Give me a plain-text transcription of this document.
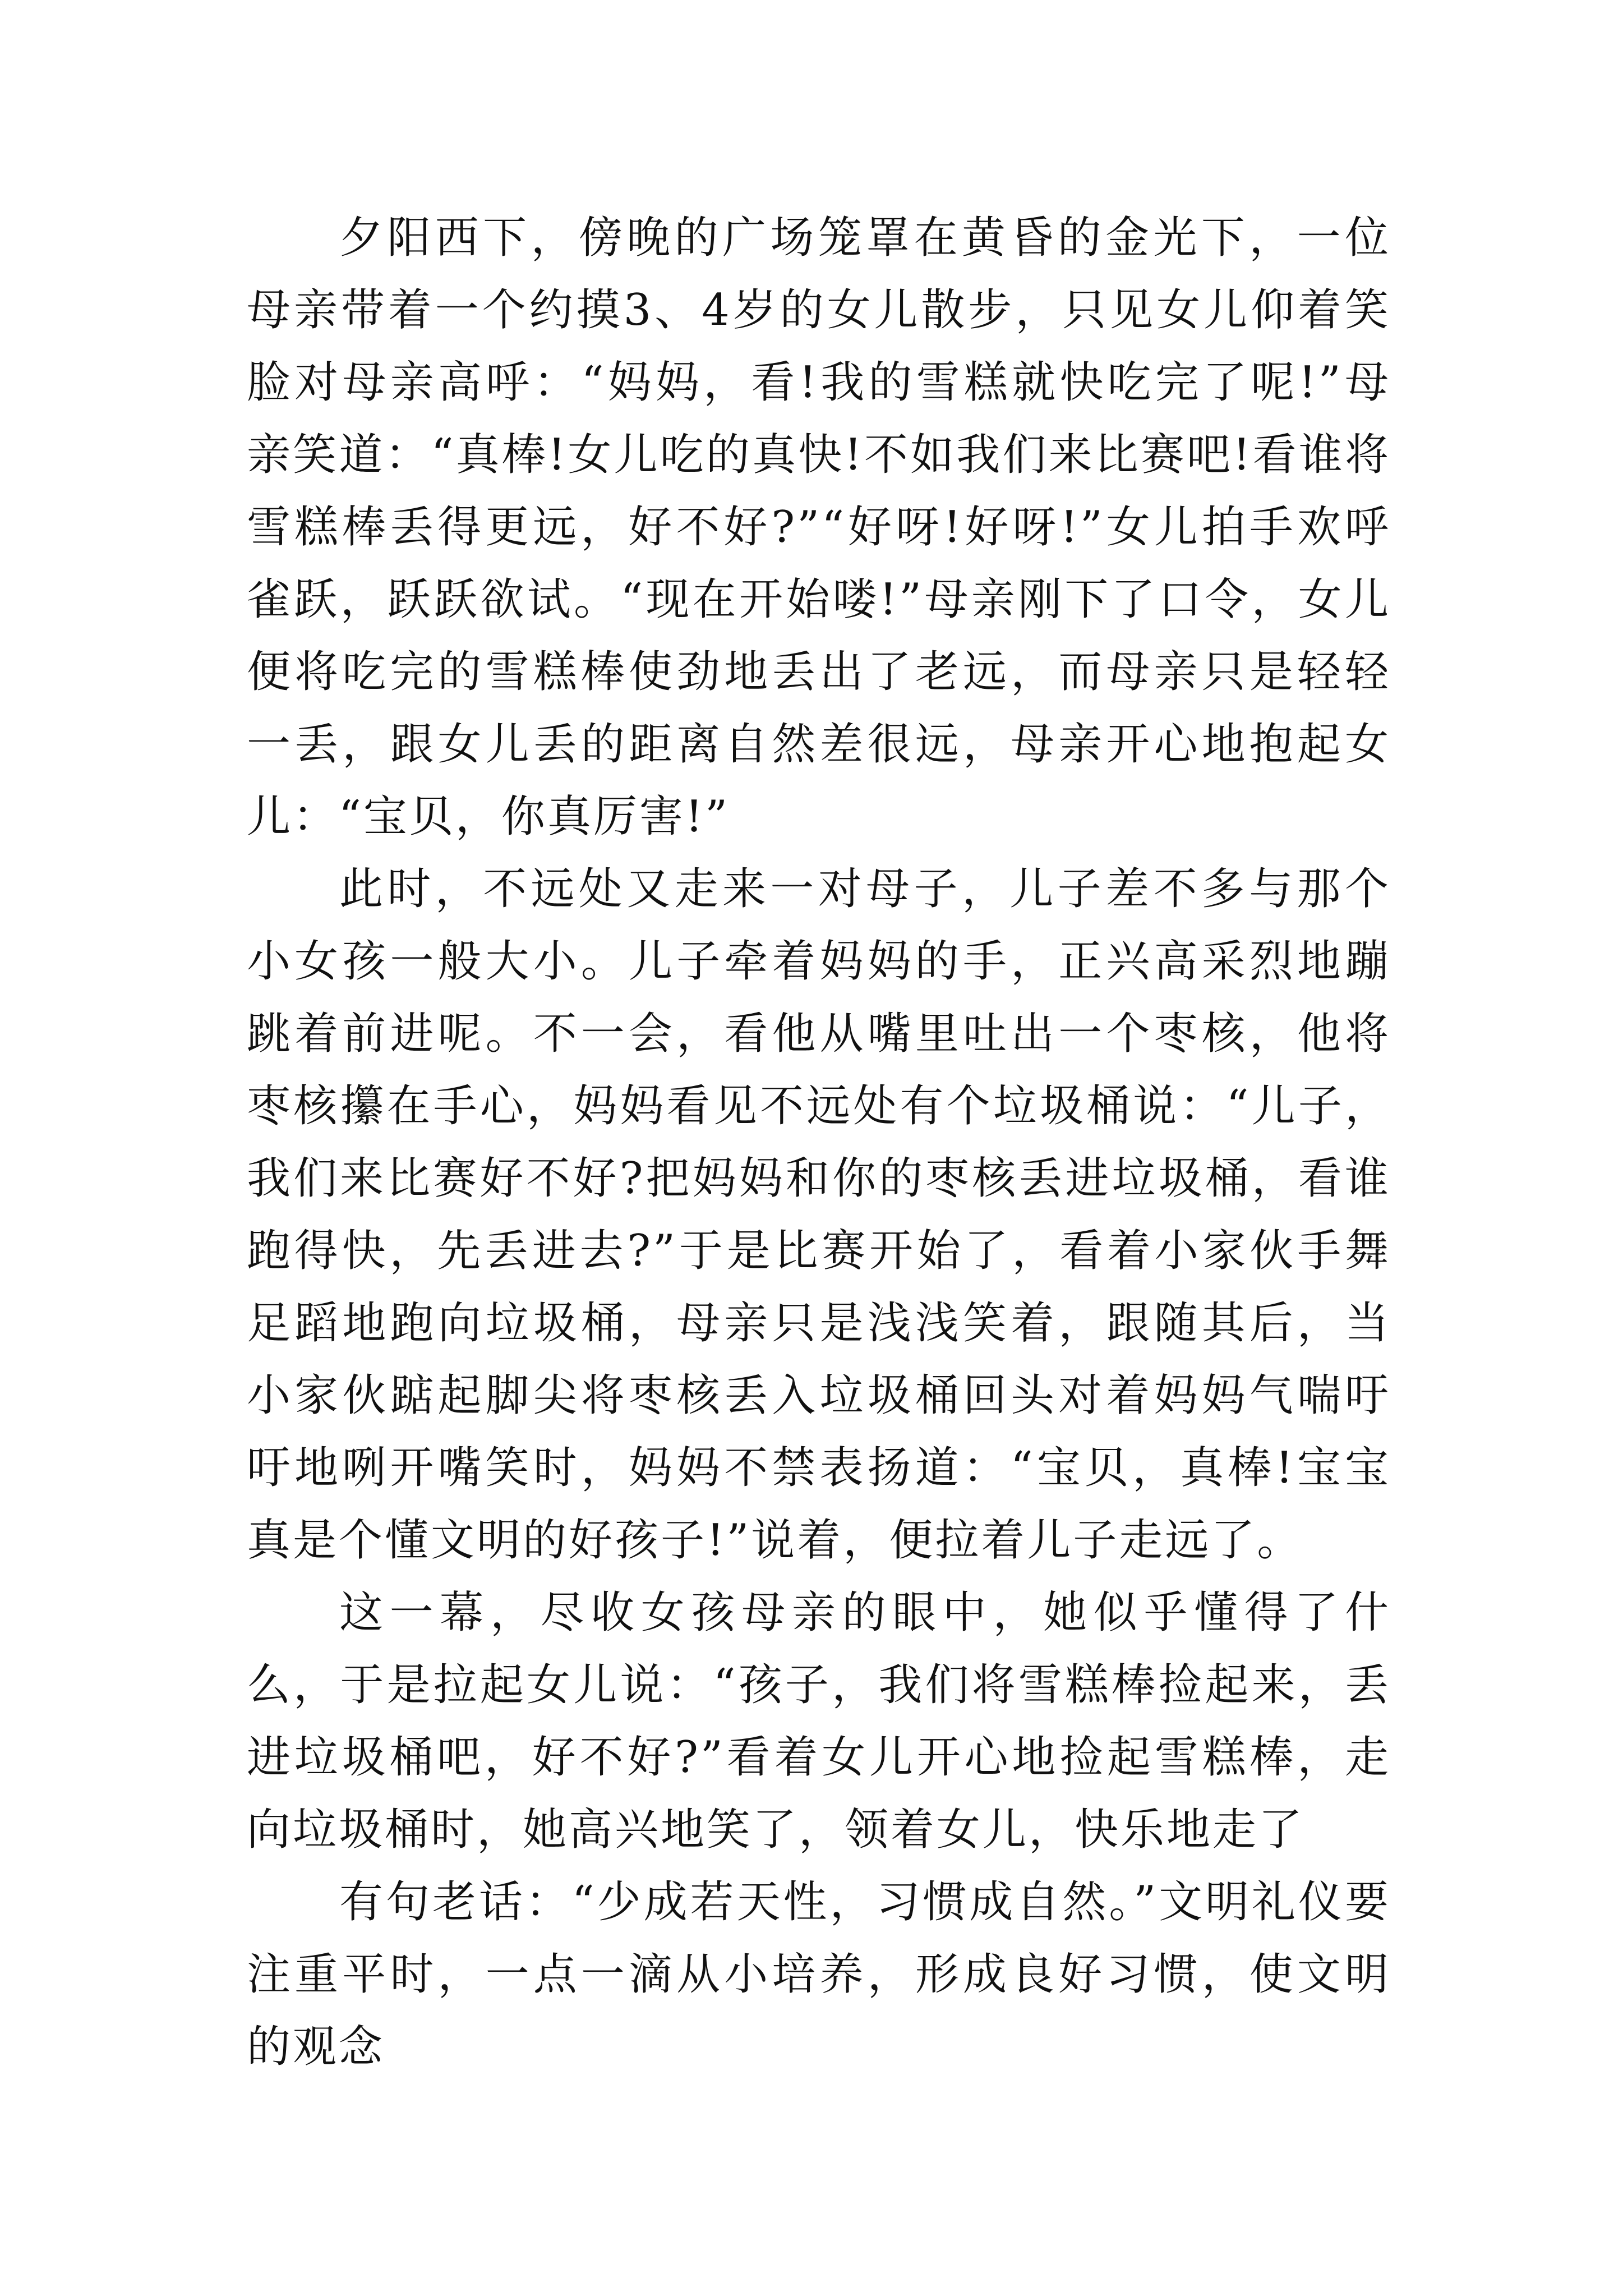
夕阳西下，傍晚的广场笼罩在黄昏的金光下，一位母亲带着一个约摸3、4岁的女儿散步，只见女儿仰着笑脸对母亲高呼：“妈妈，看!我的雪糕就快吃完了呢!”母亲笑道：“真棒!女儿吃的真快!不如我们来比赛吧!看谁将雪糕棒丢得更远，好不好?”“好呀!好呀!”女儿拍手欢呼雀跃，跃跃欲试。“现在开始喽!”母亲刚下了口令，女儿便将吃完的雪糕棒使劲地丢出了老远，而母亲只是轻轻一丢，跟女儿丢的距离自然差很远，母亲开心地抱起女儿：“宝贝，你真厉害!”

此时，不远处又走来一对母子，儿子差不多与那个小女孩一般大小。儿子牵着妈妈的手，正兴高采烈地蹦跳着前进呢。不一会，看他从嘴里吐出一个枣核，他将枣核攥在手心，妈妈看见不远处有个垃圾桶说：“儿子，我们来比赛好不好?把妈妈和你的枣核丢进垃圾桶，看谁跑得快，先丢进去?”于是比赛开始了，看着小家伙手舞足蹈地跑向垃圾桶，母亲只是浅浅笑着，跟随其后，当小家伙踮起脚尖将枣核丢入垃圾桶回头对着妈妈气喘吁吁地咧开嘴笑时，妈妈不禁表扬道：“宝贝，真棒!宝宝真是个懂文明的好孩子!”说着，便拉着儿子走远了。

这一幕，尽收女孩母亲的眼中，她似乎懂得了什么，于是拉起女儿说：“孩子，我们将雪糕棒捡起来，丢进垃圾桶吧，好不好?”看着女儿开心地捡起雪糕棒，走向垃圾桶时，她高兴地笑了，领着女儿，快乐地走了

有句老话：“少成若天性，习惯成自然。”文明礼仪要注重平时，一点一滴从小培养，形成良好习惯，使文明的观念
